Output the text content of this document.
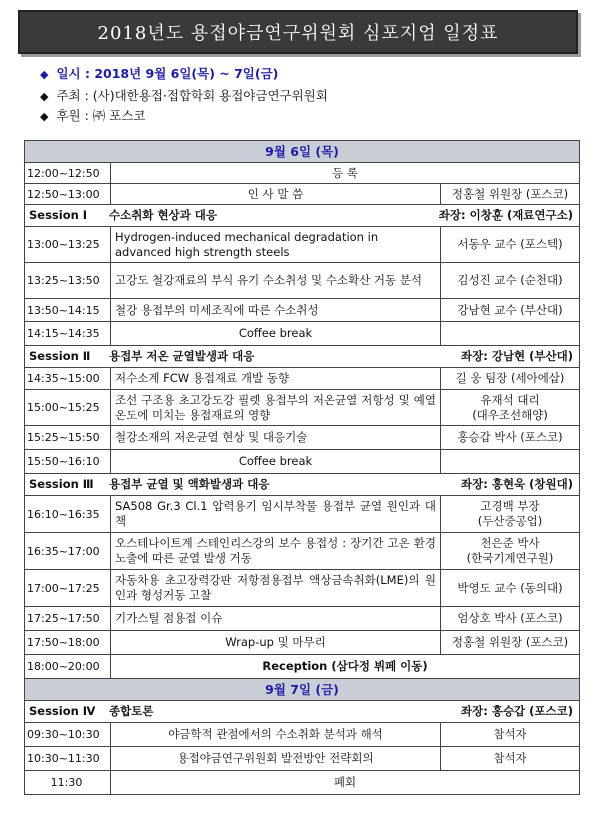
2018년도 용접야금연구위원회 심포지엄 일정표
◆ 일시 : 2018년 9월 6일(목) ~ 7일(금)
◆ 주최 : (사)대한용접·접합학회 용접야금연구위원회
◆ 후원 : ㈜ 포스코
9월 6일 (목)		
12:00~12:50	등 록	
12:50~13:00	인 사 말 씀	정홍철 위원장 (포스코)
Session Ⅰ 수소취화 현상과 대응 좌장: 이창훈 (재료연구소)		

13:00~13:25	Hydrogen-induced mechanical degradation in advanced high strength steels	서동우 교수 (포스텍)
13:25~13:50	고강도 철강재료의 부식 유기 수소취성 및 수소확산 거동 분석	김성진 교수 (순천대)
13:50~14:15	철강 용접부의 미세조직에 따른 수소취성	강남현 교수 (부산대)
14:15~14:35	Coffee break	
Session Ⅱ 용접부 저온 균열발생과 대응 좌장: 강남현 (부산대)		

14:35~15:00	저수소계 FCW 용접재료 개발 동향	길 웅 팀장 (세아에삽)
15:00~15:25	조선 구조용 초고강도강 필렛 용접부의 저온균열 저항성 및 예열온도에 미치는 용접재료의 영향	유재석 대리
(대우조선해양)

15:25~15:50	철강소재의 저온균열 현상 및 대응기술	홍승갑 박사 (포스코)
15:50~16:10	Coffee break	
Session Ⅲ 용접부 균열 및 액화발생과 대응 좌장: 홍현욱 (창원대)		

16:10~16:35	SA508 Gr.3 Cl.1 압력용기 임시부착물 용접부 균열 원인과 대책	고경백 부장
(두산중공업)

16:35~17:00	오스테나이트계 스테인리스강의 보수 용접성 : 장기간 고온 환경 노출에 따른 균열 발생 거동	천은준 박사
(한국기계연구원)

17:00~17:25	자동차용 초고장력강판 저항점용접부 액상금속취화(LME)의 원인과 형성거동 고찰	박영도 교수 (동의대)
17:25~17:50	기가스틸 점용접 이슈	엄상호 박사 (포스코)
17:50~18:00	Wrap-up 및 마무리	정홍철 위원장 (포스코)
18:00~20:00	Reception (삼다정 뷔페 이동)	
9월 7일 (금)		
Session Ⅳ 종합토론 좌장: 홍승갑 (포스코)		

09:30~10:30	야금학적 관점에서의 수소취화 분석과 해석	참석자
10:30~11:30	용접야금연구위원회 발전방안 전략회의	참석자
11:30	폐회	
